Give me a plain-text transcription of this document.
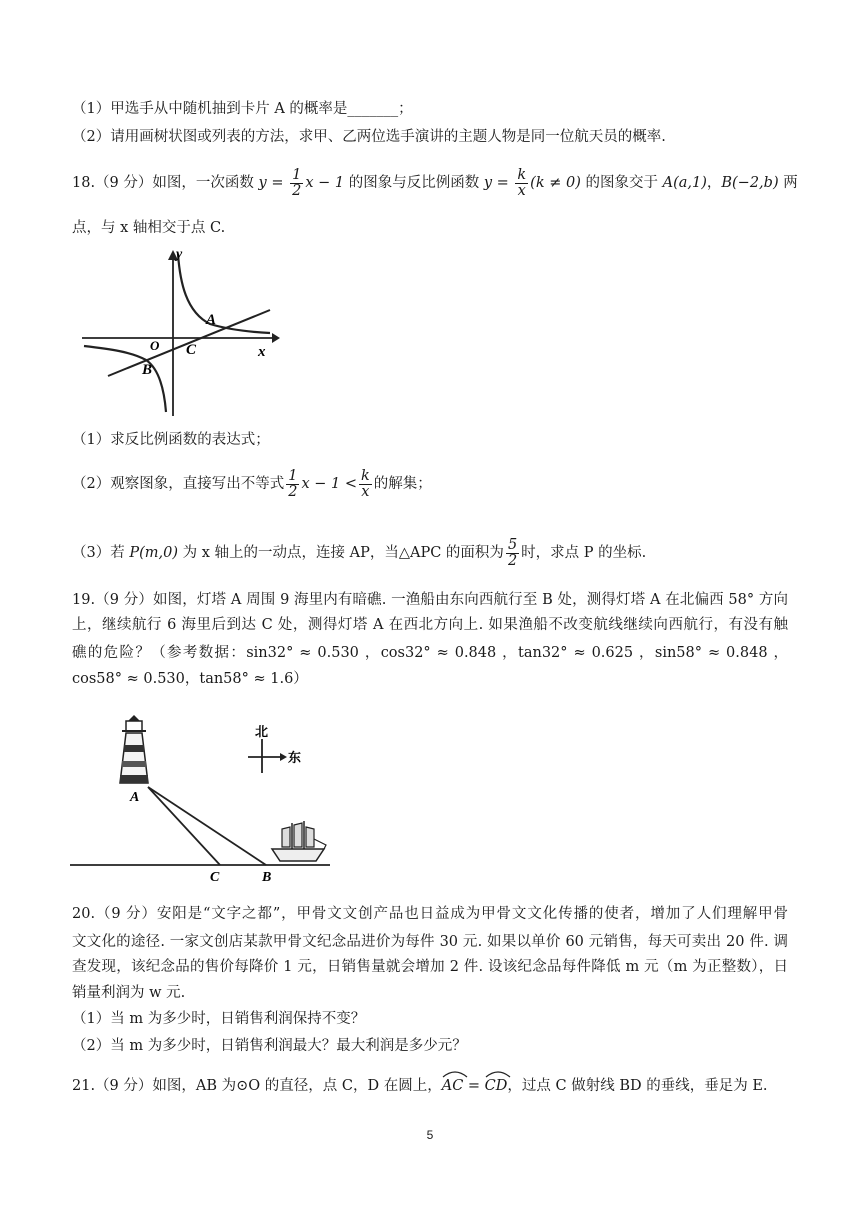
（1）甲选手从中随机抽到卡片 A 的概率是_______；
（2）请用画树状图或列表的方法，求甲、乙两位选手演讲的主题人物是同一位航天员的概率.
18.（9 分）如图，一次函数 $y = \frac{1}{2}$ x − 1 的图象与反比例函数 $y = \frac{k}{x} (k \ne 0)$ 的图象交于 A(a,1)，B(−2,b) 两
点，与 x 轴相交于点 C.
y
x
O
A
B
C
（1）求反比例函数的表达式；
（2）观察图象，直接写出不等式 $\frac{1}{2}$ $x - 1 < \frac{k}{x}$ 的解集；
（3）若 P(m,0) 为 x 轴上的一动点，连接 AP，当△APC 的面积为 $\frac{5}{2}$ 时，求点 P 的坐标.
19.（9 分）如图，灯塔 A 周围 9 海里内有暗礁. 一渔船由东向西航行至 B 处，测得灯塔 A 在北偏西 58° 方向
上，继续航行 6 海里后到达 C 处，测得灯塔 A 在西北方向上. 如果渔船不改变航线继续向西航行，有没有触
礁的危险？（参考数据：sin32° ≈ 0.530 ，cos32° ≈ 0.848 ，tan32° ≈ 0.625 ，sin58° ≈ 0.848 ，
cos58° ≈ 0.530，tan58° ≈ 1.6）
北
东
A
C	B
20.（9 分）安阳是“文字之都”，甲骨文文创产品也日益成为甲骨文文化传播的使者，增加了人们理解甲骨
文文化的途径. 一家文创店某款甲骨文纪念品进价为每件 30 元. 如果以单价 60 元销售，每天可卖出 20 件. 调
查发现，该纪念品的售价每降价 1 元，日销售量就会增加 2 件. 设该纪念品每件降低 m 元（m 为正整数），日
销量利润为 w 元.
（1）当 m 为多少时，日销售利润保持不变？
（2）当 m 为多少时，日销售利润最大？最大利润是多少元？
21.（9 分）如图，AB 为⊙O 的直径，点 C，D 在圆上，
AC =
CD，过点 C 做射线 BD 的垂线，垂足为 E.
5
